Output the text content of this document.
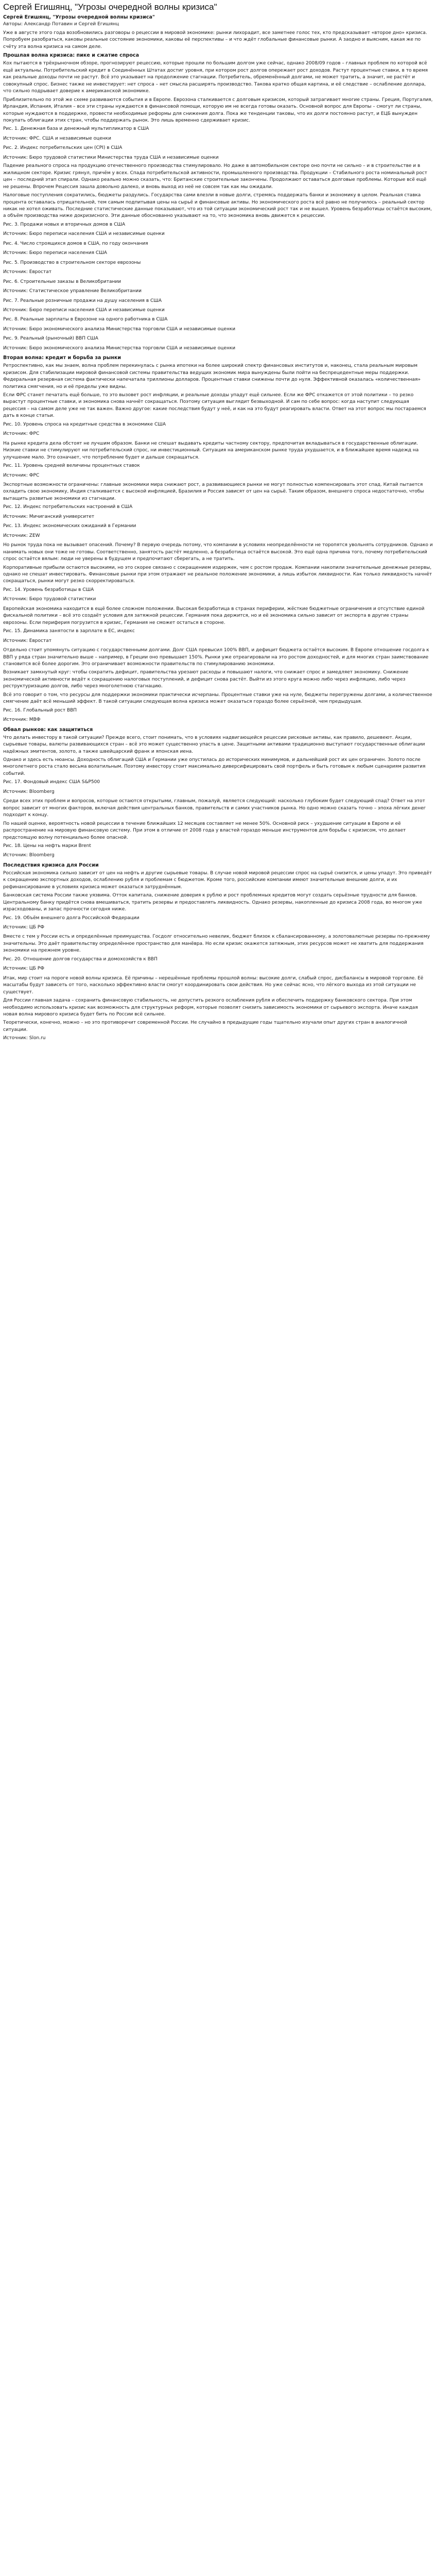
Сергей Егишянц, "Угрозы очередной волны кризиса"
Сергей Егишянц, "Угрозы очередной волны кризиса"
Авторы: Александр Потавин и Сергей Егишянц
Уже в августе этого года возобновились разговоры о рецессии в мировой экономике: рынки лихорадит, все заметнее голос тех, кто предсказывает «второе дно» кризиса. Попробуем разобраться, каковы реальные состояние экономики, каковы её перспективы – и что ждёт глобальные финансовые рынки. А заодно и выясним, какая же по счёту эта волна кризиса на самом деле.
Прошлая волна кризиса: пике и сжатие спроса
Кох пытаются в трёхрыночном обзоре, прогнозируют рецессию, которые прошли по большим долгом уже сейчас, однако 2008/09 годов – главных проблем по которой всё ещё актуальны. Потребительский кредит в Соединённых Штатах достиг уровня, при котором рост долгов опережает рост доходов. Растут процентные ставки, в то время как реальные доходы почти не растут. Всё это указывает на продолжение стагнации. Потребитель, обременённый долгами, не может тратить, а значит, не растёт и совокупный спрос. Бизнес также не инвестирует: нет спроса – нет смысла расширять производство. Такова кратко общая картина, и её следствие – ослабление доллара, что сильно подрывает доверие к американской экономике.
Приблизительно по этой же схеме развиваются события и в Европе. Еврозона сталкивается с долговым кризисом, который затрагивает многие страны. Греция, Португалия, Ирландия, Испания, Италия – все эти страны нуждаются в финансовой помощи, которую им не всегда готовы оказать. Основной вопрос для Европы – смогут ли страны, которые нуждаются в поддержке, провести необходимые реформы для снижения долга. Пока же тенденции таковы, что их долги постоянно растут, и ЕЦБ вынужден покупать облигации этих стран, чтобы поддержать рынок. Это лишь временно сдерживает кризис.
Рис. 1. Денежная база и денежный мультипликатор в США
Источник: ФРС. США и независимые оценки
Рис. 2. Индекс потребительских цен (CPI) в США
Источник: Бюро трудовой статистики Министерства труда США и независимые оценки
Падение реального спроса на продукцию отечественного производства стимулировало. Но даже в автомобильном секторе оно почти не сильно – и в строительстве и в жилищном секторе. Кризис грянул, причём у всех. Спада потребительской активности, промышленного производства. Продукции – Стабильного роста номинальный рост цен – последний этап спирали. Однако реально можно сказать, что: Британские строительные закончены. Продолжают оставаться долговые проблемы. Которые всё ещё не решены. Впрочем Рецессия зашла довольно далеко, и вновь выход из неё не совсем так как мы ожидали.
Налоговые поступления сократились, бюджеты раздулись. Государства сами влезли в новые долги, стремясь поддержать банки и экономику в целом. Реальная ставка процента оставалась отрицательной, тем самым подпитывая цены на сырьё и финансовые активы. Но экономического роста всё равно не получилось – реальный сектор никак не хотел оживать. Последние статистические данные показывают, что из той ситуации экономический рост так и не вышел. Уровень безработицы остаётся высоким, а объём производства ниже докризисного. Эти данные обоснованно указывают на то, что экономика вновь движется к рецессии.
Рис. 3. Продажи новых и вторичных домов в США
Источник: Бюро переписи населения США и независимые оценки
Рис. 4. Число строящихся домов в США, по году окончания
Источник: Бюро переписи населения США
Рис. 5. Производство в строительном секторе еврозоны
Источник: Евростат
Рис. 6. Строительные заказы в Великобритании
Источник: Статистическое управление Великобритании
Рис. 7. Реальные розничные продажи на душу населения в США
Источник: Бюро переписи населения США и независимые оценки
Рис. 8. Реальные зарплаты в Еврозоне на одного работника в США
Источник: Бюро экономического анализа Министерства торговли США и независимые оценки
Рис. 9. Реальный (рыночный) ВВП США
Источник: Бюро экономического анализа Министерства торговли США и независимые оценки
Вторая волна: кредит и борьба за рынки
Ретроспективно, как мы знаем, волна проблем перекинулась с рынка ипотеки на более широкий спектр финансовых институтов и, наконец, стала реальным мировым кризисом. Для стабилизации мировой финансовой системы правительства ведущих экономик мира вынуждены были пойти на беспрецедентные меры поддержки. Федеральная резервная система фактически напечатала триллионы долларов. Процентные ставки снижены почти до нуля. Эффективной оказалась «количественная» политика смягчения, но и её пределы уже видны.
Если ФРС станет печатать ещё больше, то это вызовет рост инфляции, и реальные доходы упадут ещё сильнее. Если же ФРС откажется от этой политики – то резко вырастут процентные ставки, и экономика снова начнёт сокращаться. Поэтому ситуация выглядит безвыходной. И сам по себе вопрос: когда наступит следующая рецессия – на самом деле уже не так важен. Важно другое: какие последствия будут у неё, и как на это будут реагировать власти. Ответ на этот вопрос мы постараемся дать в конце статьи.
Рис. 10. Уровень спроса на кредитные средства в экономике США
Источник: ФРС
На рынке кредита дела обстоят не лучшим образом. Банки не спешат выдавать кредиты частному сектору, предпочитая вкладываться в государственные облигации. Низкие ставки не стимулируют ни потребительский спрос, ни инвестиционный. Ситуация на американском рынке труда ухудшается, и в ближайшее время надежд на улучшение мало. Это означает, что потребление будет и дальше сокращаться.
Рис. 11. Уровень средней величины процентных ставок
Источник: ФРС
Экспортные возможности ограничены: главные экономики мира снижают рост, а развивающиеся рынки не могут полностью компенсировать этот спад. Китай пытается охладить свою экономику, Индия сталкивается с высокой инфляцией, Бразилия и Россия зависят от цен на сырьё. Таким образом, внешнего спроса недостаточно, чтобы вытащить развитые экономики из стагнации.
Рис. 12. Индекс потребительских настроений в США
Источник: Мичиганский университет
Рис. 13. Индекс экономических ожиданий в Германии
Источник: ZEW
Но рынок труда пока не вызывает опасений. Почему? В первую очередь потому, что компании в условиях неопределённости не торопятся увольнять сотрудников. Однако и нанимать новых они тоже не готовы. Соответственно, занятость растёт медленно, а безработица остаётся высокой. Это ещё одна причина того, почему потребительский спрос остаётся вялым: люди не уверены в будущем и предпочитают сберегать, а не тратить.
Корпоративные прибыли остаются высокими, но это скорее связано с сокращением издержек, чем с ростом продаж. Компании накопили значительные денежные резервы, однако не спешат инвестировать. Финансовые рынки при этом отражают не реальное положение экономики, а лишь избыток ликвидности. Как только ликвидность начнёт сокращаться, рынки могут резко скорректироваться.
Рис. 14. Уровень безработицы в США
Источник: Бюро трудовой статистики
Европейская экономика находится в ещё более сложном положении. Высокая безработица в странах периферии, жёсткие бюджетные ограничения и отсутствие единой фискальной политики – всё это создаёт условия для затяжной рецессии. Германия пока держится, но и её экономика сильно зависит от экспорта в другие страны еврозоны. Если периферия погрузится в кризис, Германия не сможет остаться в стороне.
Рис. 15. Динамика занятости в зарплате в ЕС, индекс
Источник: Евростат
Отдельно стоит упомянуть ситуацию с государственными долгами. Долг США превысил 100% ВВП, и дефицит бюджета остаётся высоким. В Европе отношение госдолга к ВВП у ряда стран значительно выше – например, в Греции оно превышает 150%. Рынки уже отреагировали на это ростом доходностей, и для многих стран заимствование становится всё более дорогим. Это ограничивает возможности правительств по стимулированию экономики.
Возникает замкнутый круг: чтобы сократить дефицит, правительства урезают расходы и повышают налоги, что снижает спрос и замедляет экономику. Снижение экономической активности ведёт к сокращению налоговых поступлений, и дефицит снова растёт. Выйти из этого круга можно либо через инфляцию, либо через реструктуризацию долгов, либо через многолетнюю стагнацию.
Всё это говорит о том, что ресурсы для поддержки экономики практически исчерпаны. Процентные ставки уже на нуле, бюджеты перегружены долгами, а количественное смягчение даёт всё меньший эффект. В такой ситуации следующая волна кризиса может оказаться гораздо более серьёзной, чем предыдущая.
Рис. 16. Глобальный рост ВВП
Источник: МВФ
Обвал рынков: как защититься
Что делать инвестору в такой ситуации? Прежде всего, стоит понимать, что в условиях надвигающейся рецессии рисковые активы, как правило, дешевеют. Акции, сырьевые товары, валюты развивающихся стран – всё это может существенно упасть в цене. Защитными активами традиционно выступают государственные облигации надёжных эмитентов, золото, а также швейцарский франк и японская иена.
Однако и здесь есть нюансы. Доходность облигаций США и Германии уже опустилась до исторических минимумов, и дальнейший рост их цен ограничен. Золото после многолетнего роста стало весьма волатильным. Поэтому инвестору стоит максимально диверсифицировать свой портфель и быть готовым к любым сценариям развития событий.
Рис. 17. Фондовый индекс США S&P500
Источник: Bloomberg
Среди всех этих проблем и вопросов, которые остаются открытыми, главным, пожалуй, является следующий: насколько глубоким будет следующий спад? Ответ на этот вопрос зависит от многих факторов, включая действия центральных банков, правительств и самих участников рынка. Но одно можно сказать точно – эпоха лёгких денег подходит к концу.
По нашей оценке, вероятность новой рецессии в течение ближайших 12 месяцев составляет не менее 50%. Основной риск – ухудшение ситуации в Европе и её распространение на мировую финансовую систему. При этом в отличие от 2008 года у властей гораздо меньше инструментов для борьбы с кризисом, что делает предстоящую волну потенциально более опасной.
Рис. 18. Цены на нефть марки Brent
Источник: Bloomberg
Последствия кризиса для России
Российская экономика сильно зависит от цен на нефть и другие сырьевые товары. В случае новой мировой рецессии спрос на сырьё снизится, и цены упадут. Это приведёт к сокращению экспортных доходов, ослаблению рубля и проблемам с бюджетом. Кроме того, российские компании имеют значительные внешние долги, и их рефинансирование в условиях кризиса может оказаться затруднённым.
Банковская система России также уязвима. Отток капитала, снижение доверия к рублю и рост проблемных кредитов могут создать серьёзные трудности для банков. Центральному банку придётся снова вмешиваться, тратить резервы и предоставлять ликвидность. Однако резервы, накопленные до кризиса 2008 года, во многом уже израсходованы, и запас прочности сегодня ниже.
Рис. 19. Объём внешнего долга Российской Федерации
Источник: ЦБ РФ
Вместе с тем у России есть и определённые преимущества. Госдолг относительно невелик, бюджет близок к сбалансированному, а золотовалютные резервы по-прежнему значительны. Это даёт правительству определённое пространство для манёвра. Но если кризис окажется затяжным, этих ресурсов может не хватить для поддержания экономики на прежнем уровне.
Рис. 20. Отношение долгов государства и домохозяйств к ВВП
Источник: ЦБ РФ
Итак, мир стоит на пороге новой волны кризиса. Её причины – нерешённые проблемы прошлой волны: высокие долги, слабый спрос, дисбалансы в мировой торговле. Её масштабы будут зависеть от того, насколько эффективно власти смогут координировать свои действия. Но уже сейчас ясно, что лёгкого выхода из этой ситуации не существует.
Для России главная задача – сохранить финансовую стабильность, не допустить резкого ослабления рубля и обеспечить поддержку банковского сектора. При этом необходимо использовать кризис как возможность для структурных реформ, которые позволят снизить зависимость экономики от сырьевого экспорта. Иначе каждая новая волна мирового кризиса будет бить по России всё сильнее.
Теоретически, конечно, можно – но это противоречит современной России. Не случайно в предыдущие годы тщательно изучали опыт других стран в аналогичной ситуации.
Источник: Slon.ru
